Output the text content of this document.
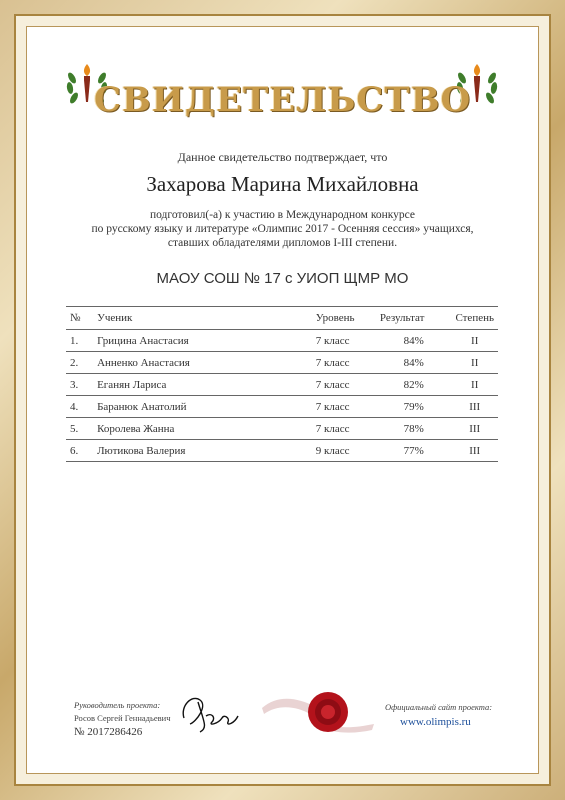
СВИДЕТЕЛЬСТВО
Данное свидетельство подтверждает, что
Захарова Марина Михайловна
подготовил(-а) к участию в Международном конкурсе
по русскому языку и литературе «Олимпис 2017 - Осенняя сессия» учащихся,
ставших обладателями дипломов I-III степени.
МАОУ СОШ № 17 с УИОП ЩМР МО
№	Ученик	Уровень	Результат	Степень
1.	Грицина Анастасия	7 класс	84%	II
2.	Анненко Анастасия	7 класс	84%	II
3.	Еганян Лариса	7 класс	82%	II
4.	Баранюк Анатолий	7 класс	79%	III
5.	Королева Жанна	7 класс	78%	III
6.	Лютикова Валерия	9 класс	77%	III
Руководитель проекта:
Росов Сергей Геннадьевич
№ 2017286426
Официальный сайт проекта:
www.olimpis.ru
